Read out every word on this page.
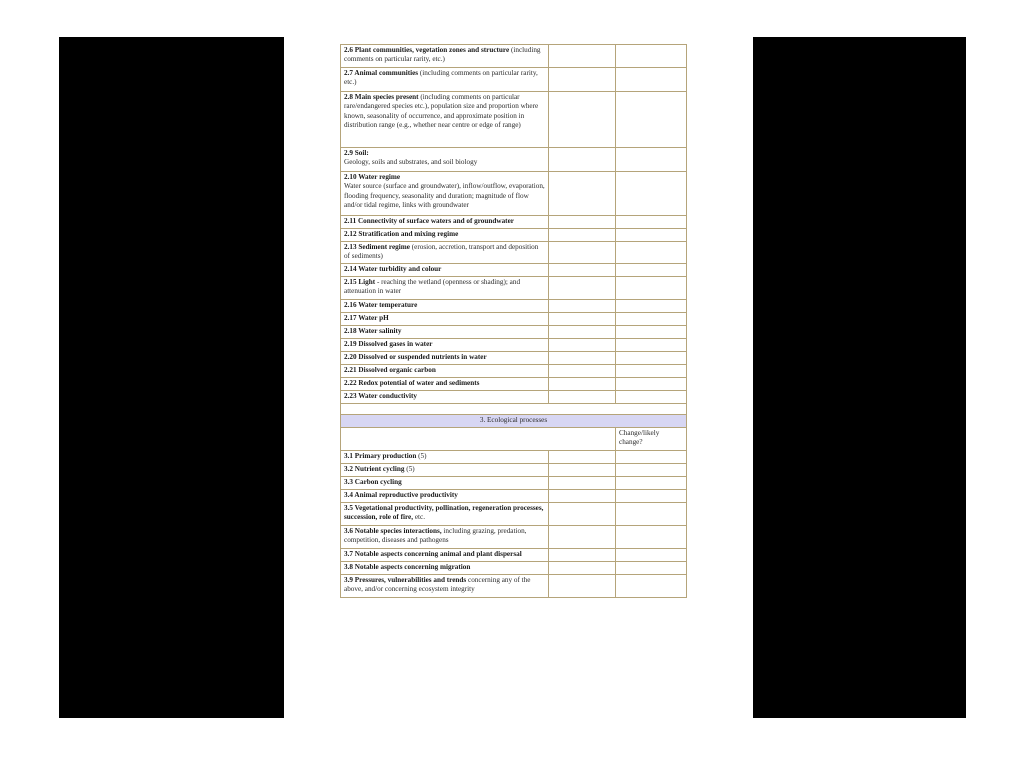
2.6 Plant communities, vegetation zones and structure (including comments on particular rarity, etc.)		
2.7 Animal communities (including comments on particular rarity, etc.)		
2.8 Main species present (including comments on particular rare/endangered species etc.), population size and proportion where known, seasonality of occurrence, and approximate position in distribution range (e.g., whether near centre or edge of range)		
2.9 Soil:
Geology, soils and substrates, and soil biology		

2.10 Water regime
Water source (surface and groundwater), inflow/outflow, evaporation, flooding frequency, seasonality and duration; magnitude of flow and/or tidal regime, links with groundwater		

2.11 Connectivity of surface waters and of groundwater		
2.12 Stratification and mixing regime		
2.13 Sediment regime (erosion, accretion, transport and deposition of sediments)		
2.14 Water turbidity and colour		
2.15 Light - reaching the wetland (openness or shading); and attenuation in water		
2.16 Water temperature		
2.17 Water pH		
2.18 Water salinity		
2.19 Dissolved gases in water		
2.20 Dissolved or suspended nutrients in water		
2.21 Dissolved organic carbon		
2.22 Redox potential of water and sediments		
2.23 Water conductivity		

3. Ecological processes		
		Change/likely change?
3.1 Primary production (5)		
3.2 Nutrient cycling (5)		
3.3 Carbon cycling		
3.4 Animal reproductive productivity		
3.5 Vegetational productivity, pollination, regeneration processes, succession, role of fire, etc.		
3.6 Notable species interactions, including grazing, predation, competition, diseases and pathogens		
3.7 Notable aspects concerning animal and plant dispersal		
3.8 Notable aspects concerning migration		
3.9 Pressures, vulnerabilities and trends concerning any of the above, and/or concerning ecosystem integrity		
